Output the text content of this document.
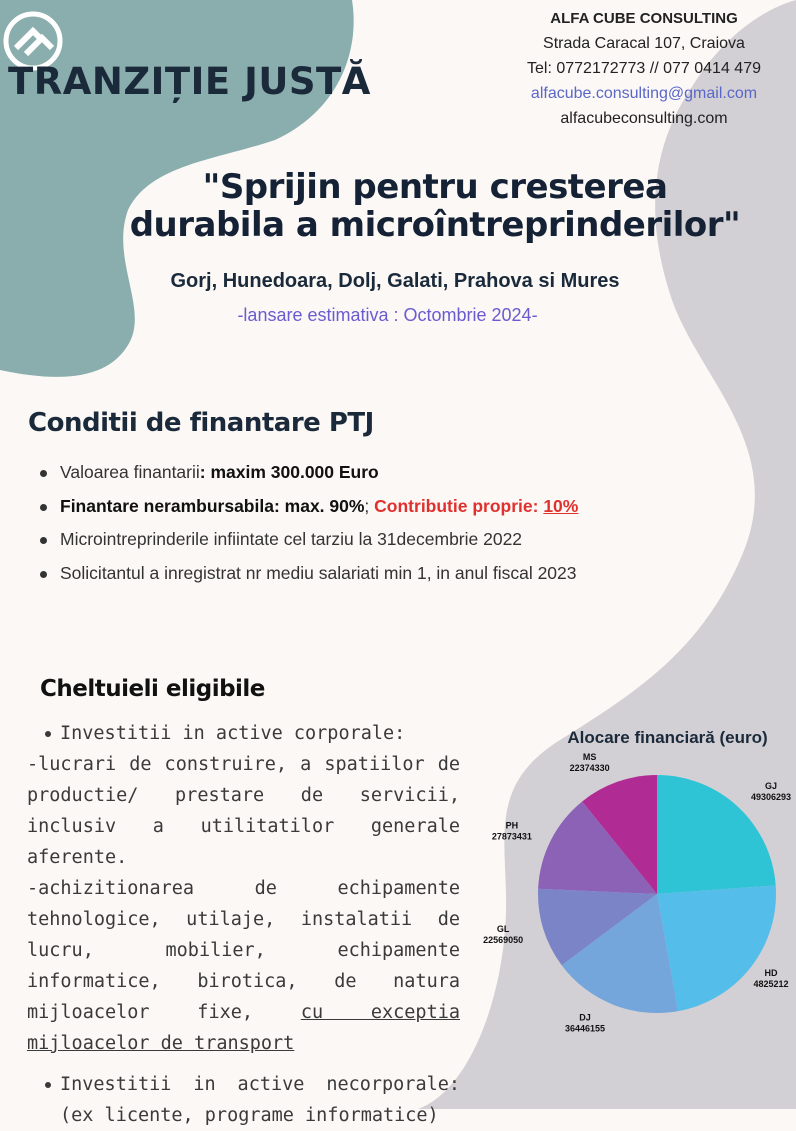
TRANZIȚIE JUSTĂ
ALFA CUBE CONSULTING
Strada Caracal 107, Craiova
Tel: 0772172773 // 077 0414 479
alfacube.consulting@gmail.com
alfacubeconsulting.com
"Sprijin pentru cresterea
durabila a microîntreprinderilor"
Gorj, Hunedoara, Dolj, Galati, Prahova si Mures
-lansare estimativa : Octombrie 2024-
Conditii de finantare PTJ
Valoarea finantarii: maxim 300.000 Euro
Finantare nerambursabila: max. 90%; Contributie proprie: 10%
Microintreprinderile infiintate cel tarziu la 31decembrie 2022
Solicitantul a inregistrat nr mediu salariati min 1, in anul fiscal 2023
Cheltuieli eligibile
Investitii in active corporale:
-lucrari de construire, a spatiilor de productie/ prestare de servicii, inclusiv a utilitatilor generale aferente.
-achizitionarea de echipamente
tehnologice, utilaje, instalatii de lucru, mobilier, echipamente informatice, birotica, de natura mijloacelor fixe,	cu exceptia mijloacelor de transport
Investitii in active necorporale: (ex licente, programe informatice)
Alocare financiară (euro)
GJ
49306293
HD
4825212
DJ
36446155
GL
22569050
PH
27873431
MS
22374330
